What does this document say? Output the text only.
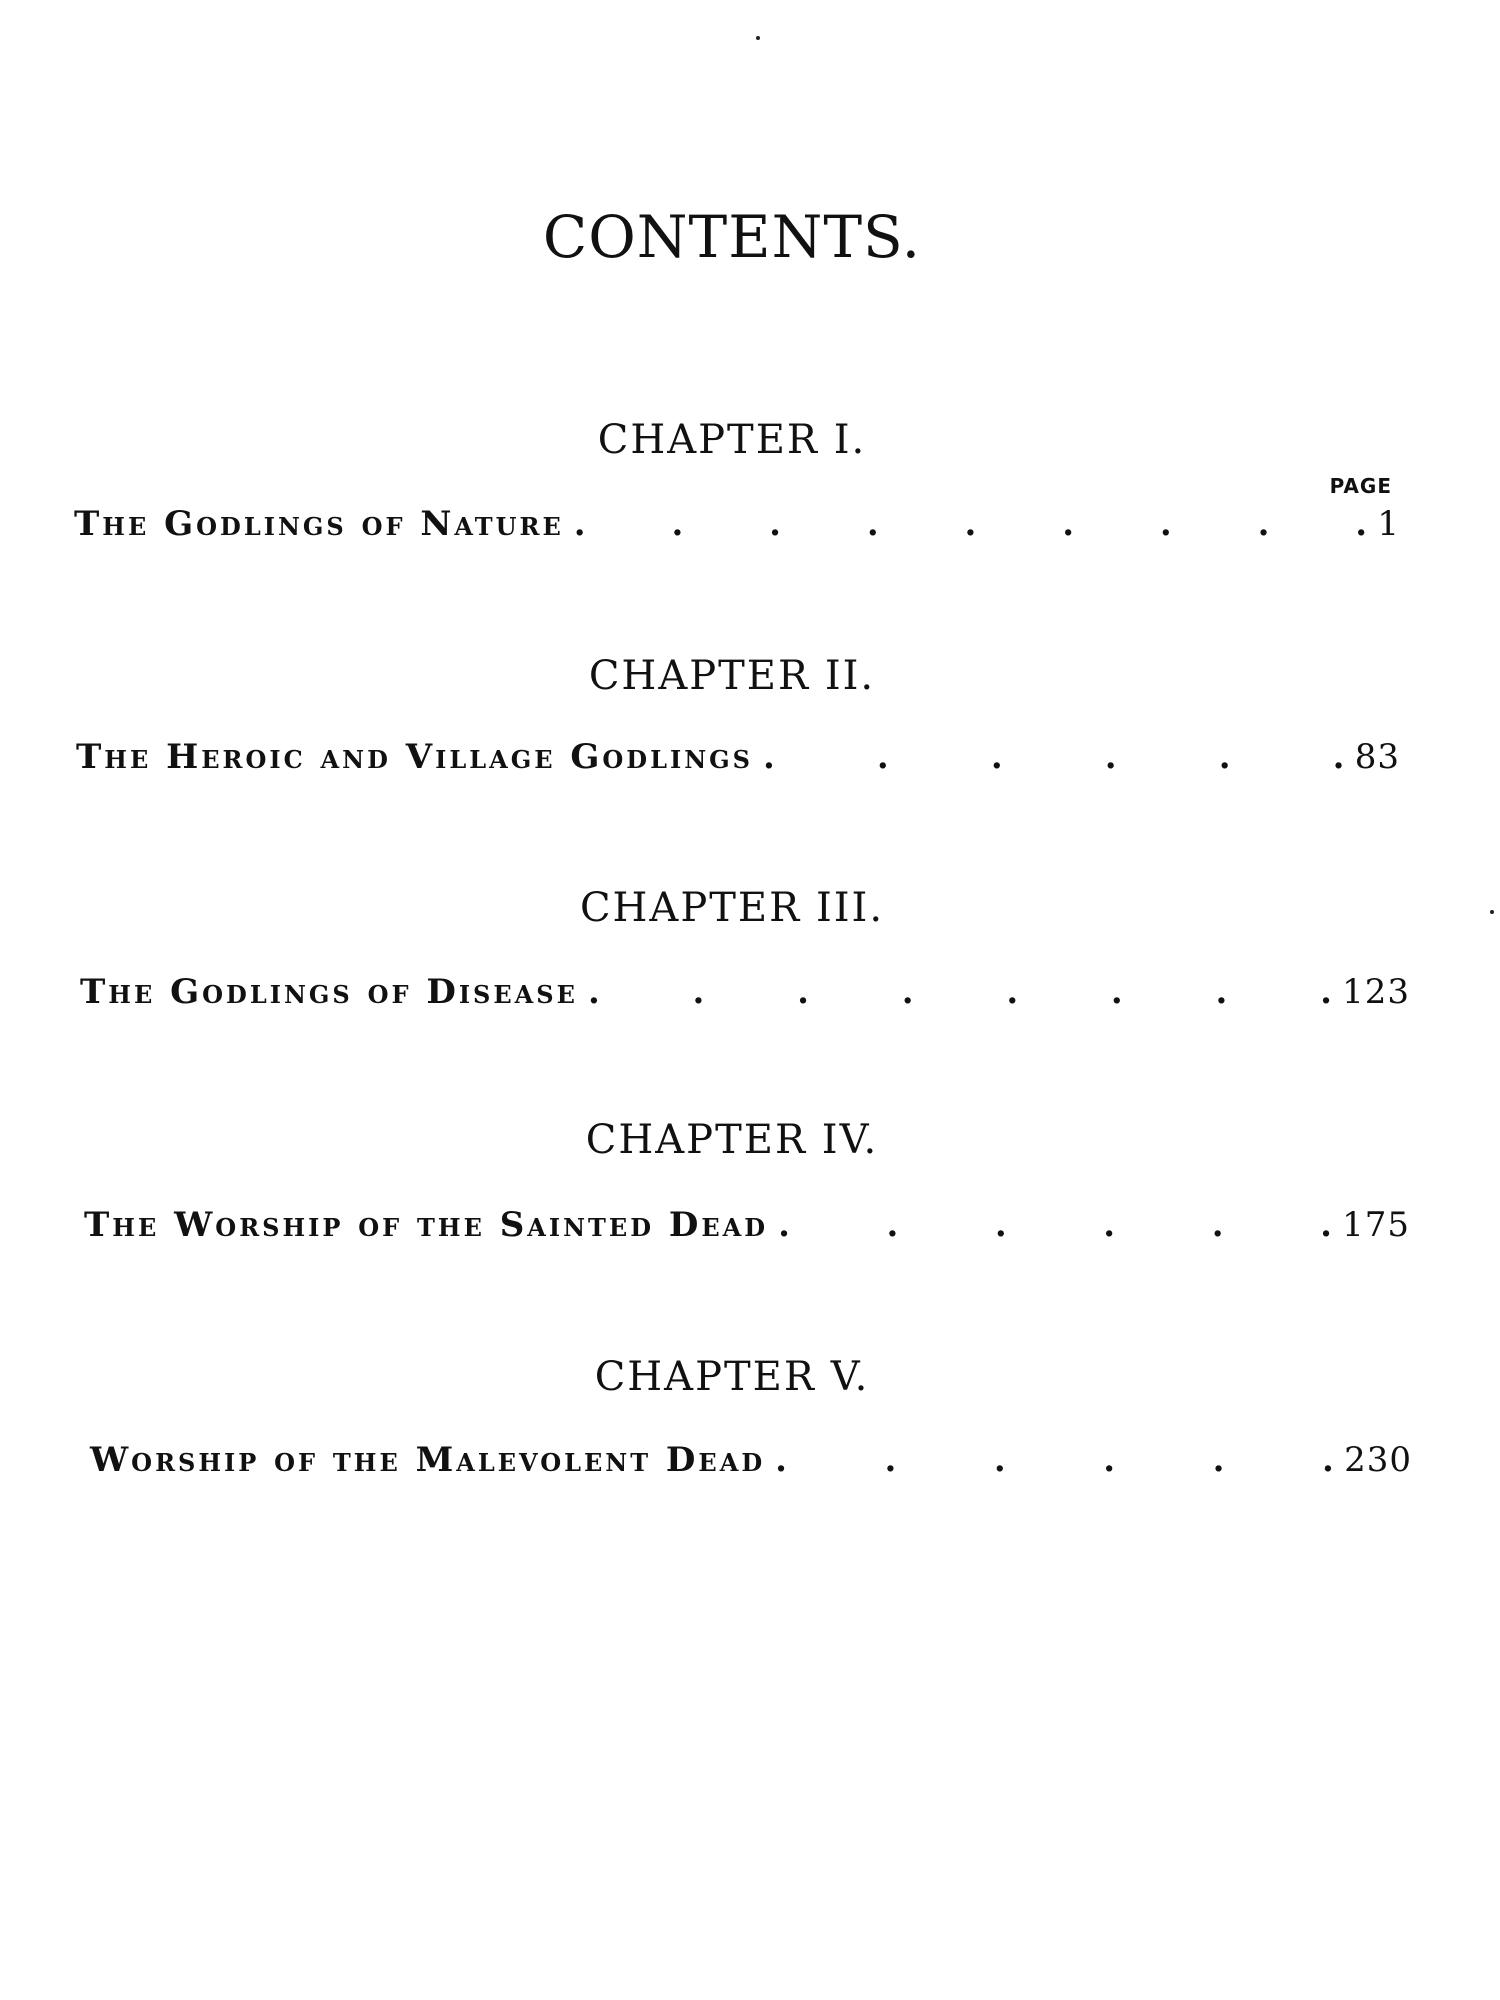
CONTENTS.
CHAPTER I.
PAGE
The Godlings of Nature .	.	.	.	.	.	.	.	. 1
CHAPTER II.
The Heroic and Village Godlings .	.	.	.	.	. 83
CHAPTER III.
The Godlings of Disease .	.	.	.	.	.	.	. 123
CHAPTER IV.
The Worship of the Sainted Dead .	.	.	.	.	. 175
CHAPTER V.
Worship of the Malevolent Dead .	.	.	.	.	. 230
